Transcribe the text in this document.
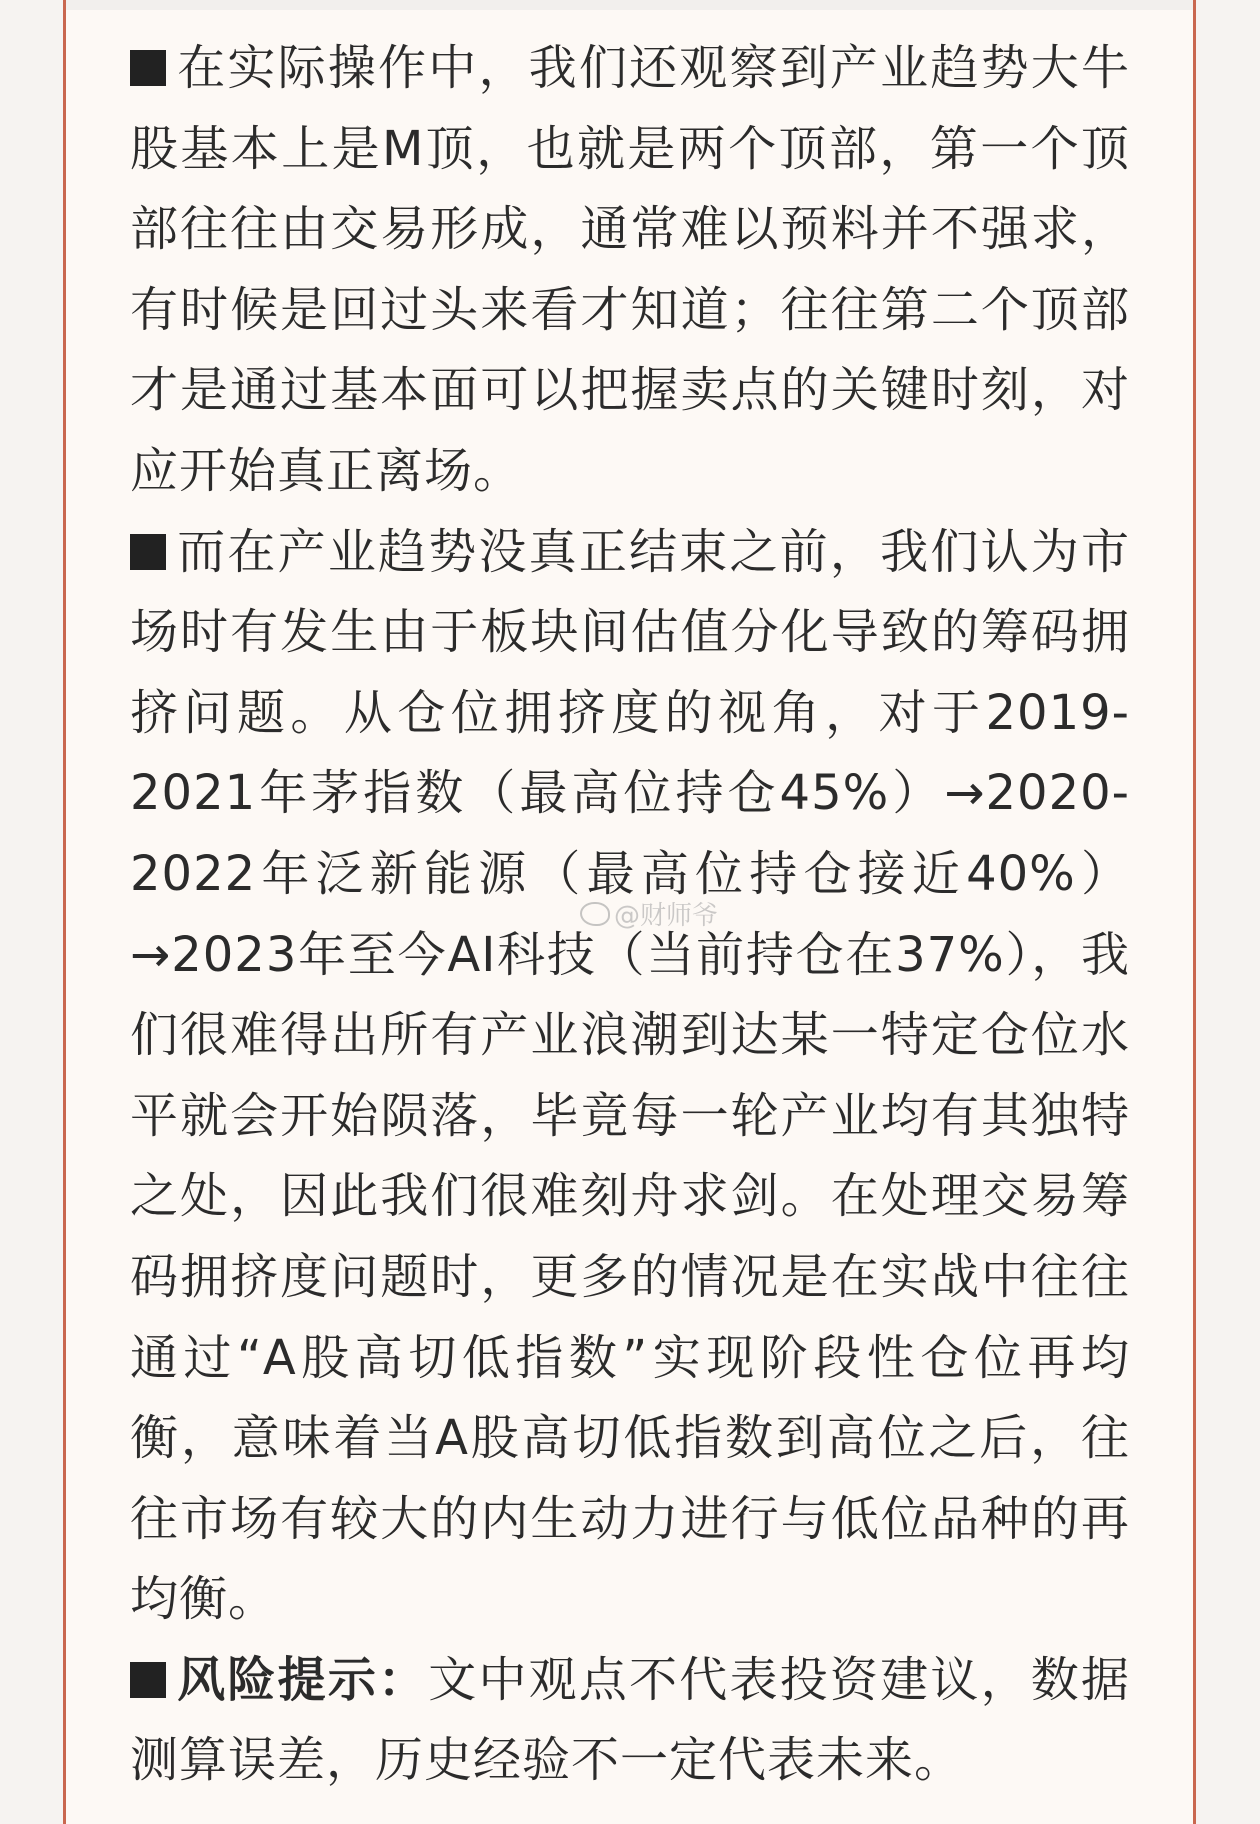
在实际操作中，我们还观察到产业趋势大牛股基本上是M顶，也就是两个顶部，第一个顶部往往由交易形成，通常难以预料并不强求，有时候是回过头来看才知道；往往第二个顶部才是通过基本面可以把握卖点的关键时刻，对应开始真正离场。

而在产业趋势没真正结束之前，我们认为市场时有发生由于板块间估值分化导致的筹码拥挤问题。从仓位拥挤度的视角，对于2019-2021年茅指数（最高位持仓45%）→2020-2022年泛新能源（最高位持仓接近40%）→2023年至今AI科技（当前持仓在37%），我们很难得出所有产业浪潮到达某一特定仓位水平就会开始陨落，毕竟每一轮产业均有其独特之处，因此我们很难刻舟求剑。在处理交易筹码拥挤度问题时，更多的情况是在实战中往往通过“A股高切低指数”实现阶段性仓位再均衡，意味着当A股高切低指数到高位之后，往往市场有较大的内生动力进行与低位品种的再均衡。

风险提示：文中观点不代表投资建议，数据测算误差，历史经验不一定代表未来。

@财师爷
